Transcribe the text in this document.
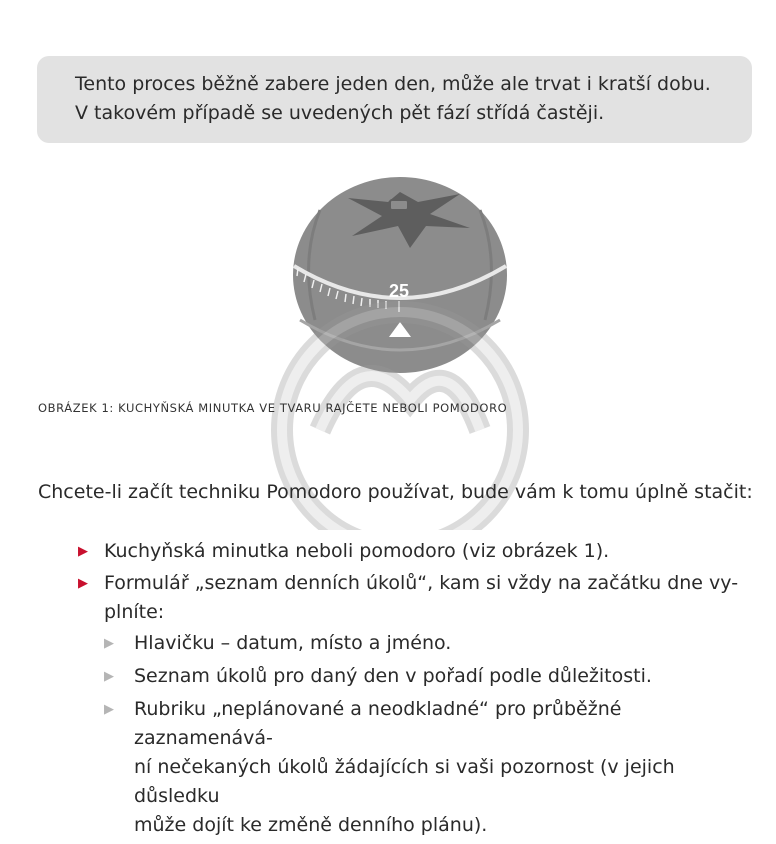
Tento proces běžně zabere jeden den, může ale trvat i kratší dobu.

V takovém případě se uvedených pět fází střídá častěji.

25
OBRÁZEK 1: KUCHYŇSKÁ MINUTKA VE TVARU RAJČETE NEBOLI POMODORO
Chcete-li začít techniku Pomodoro používat, bude vám k tomu úplně stačit:
▶ Kuchyňská minutka neboli pomodoro (viz obrázek 1).
▶ Formulář „seznam denních úkolů“, kam si vždy na začátku dne vy-
plníte:
▶ Hlavičku – datum, místo a jméno.
▶ Seznam úkolů pro daný den v pořadí podle důležitosti.
▶ Rubriku „neplánované a neodkladné“ pro průběžné zaznamenává-
ní nečekaných úkolů žádajících si vaši pozornost (v jejich důsledku
může dojít ke změně denního plánu).
